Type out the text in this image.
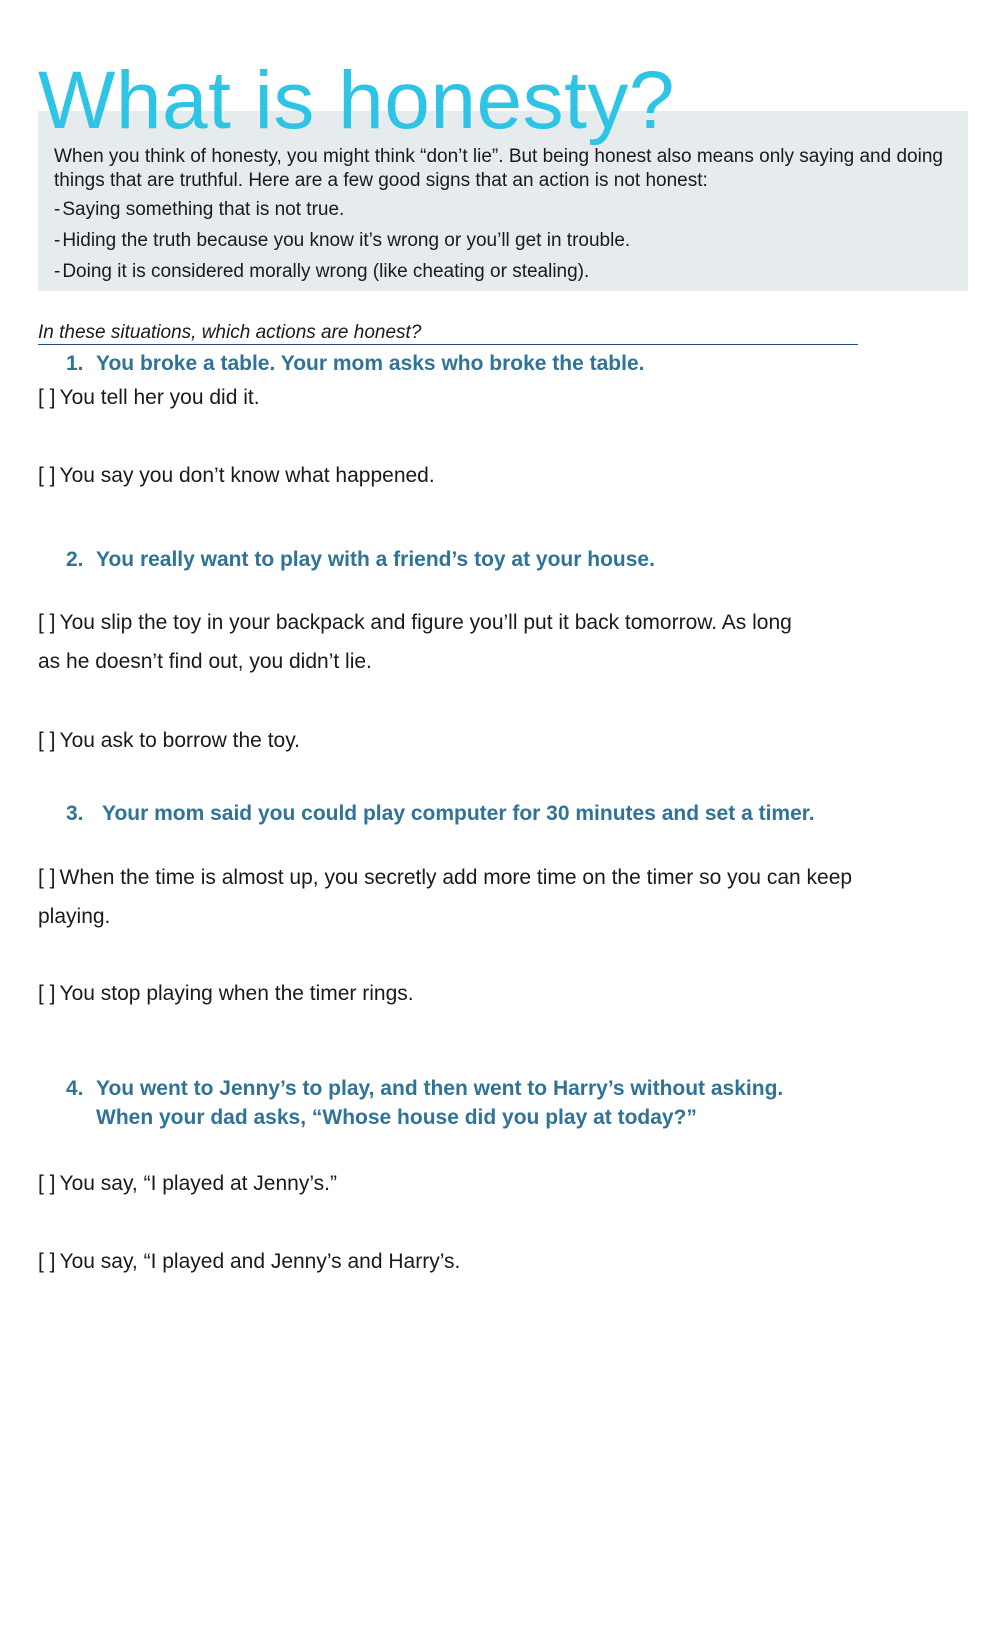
What is honesty?

When you think of honesty, you might think “don’t lie”. But being honest also means only saying and doing things that are truthful. Here are a few good signs that an action is not honest:

- Saying something that is not true.
- Hiding the truth because you know it’s wrong or you’ll get in trouble.
- Doing it is considered morally wrong (like cheating or stealing).

In these situations, which actions are honest?

1. You broke a table. Your mom asks who broke the table.
[ ] You tell her you did it.
[ ] You say you don’t know what happened.
2. You really want to play with a friend’s toy at your house.
[ ] You slip the toy in your backpack and figure you’ll put it back tomorrow. As long as he doesn’t find out, you didn’t lie.
[ ] You ask to borrow the toy.
3. Your mom said you could play computer for 30 minutes and set a timer.
[ ] When the time is almost up, you secretly add more time on the timer so you can keep playing.
[ ] You stop playing when the timer rings.
4. You went to Jenny’s to play, and then went to Harry’s without asking. When your dad asks, “Whose house did you play at today?”
[ ] You say, “I played at Jenny’s.”
[ ] You say, “I played and Jenny’s and Harry’s.
